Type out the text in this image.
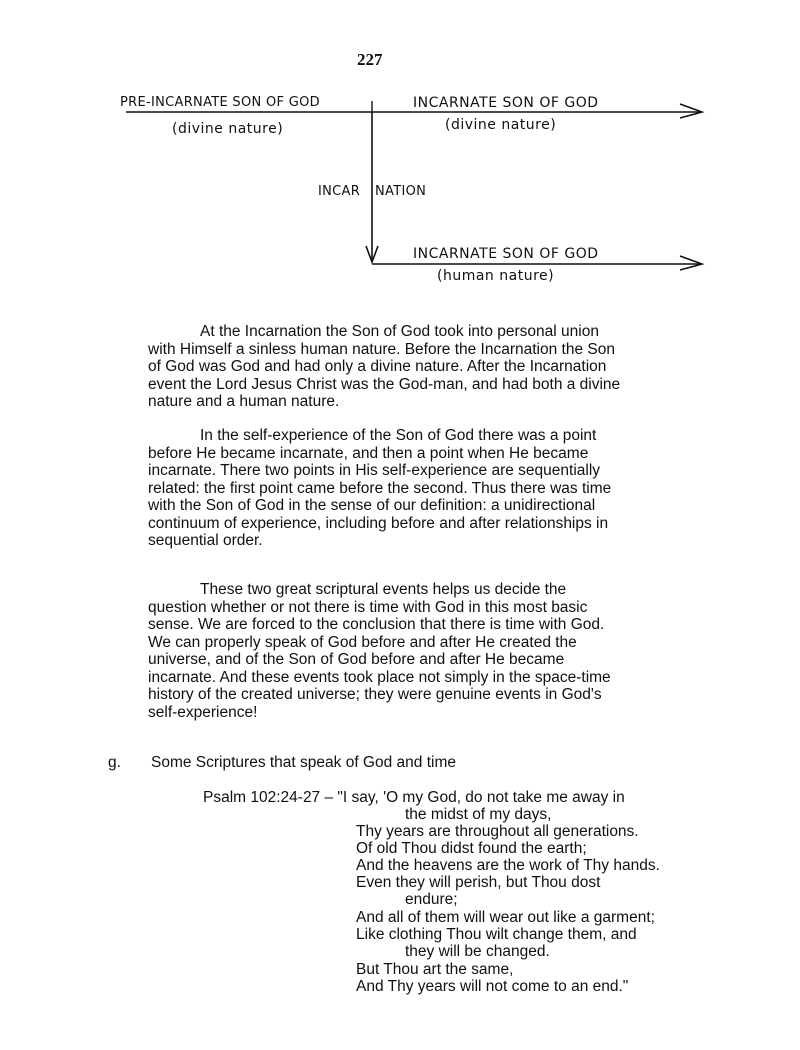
227
PRE-INCARNATE SON OF GOD
(divine nature)
INCARNATE SON OF GOD
(divine nature)
INCAR NATION
INCARNATE SON OF GOD
(human nature)
At the Incarnation the Son of God took into personal union
with Himself a sinless human nature. Before the Incarnation the Son
of God was God and had only a divine nature. After the Incarnation
event the Lord Jesus Christ was the God-man, and had both a divine
nature and a human nature.
In the self-experience of the Son of God there was a point
before He became incarnate, and then a point when He became
incarnate. There two points in His self-experience are sequentially
related: the first point came before the second. Thus there was time
with the Son of God in the sense of our definition: a unidirectional
continuum of experience, including before and after relationships in
sequential order.
These two great scriptural events helps us decide the
question whether or not there is time with God in this most basic
sense. We are forced to the conclusion that there is time with God.
We can properly speak of God before and after He created the
universe, and of the Son of God before and after He became
incarnate. And these events took place not simply in the space-time
history of the created universe; they were genuine events in God's
self-experience!
g. Some Scriptures that speak of God and time
Psalm 102:24-27 – "I say, 'O my God, do not take me away in
the midst of my days,
Thy years are throughout all generations.
Of old Thou didst found the earth;
And the heavens are the work of Thy hands.
Even they will perish, but Thou dost
endure;
And all of them will wear out like a garment;
Like clothing Thou wilt change them, and
they will be changed.
But Thou art the same,
And Thy years will not come to an end."
